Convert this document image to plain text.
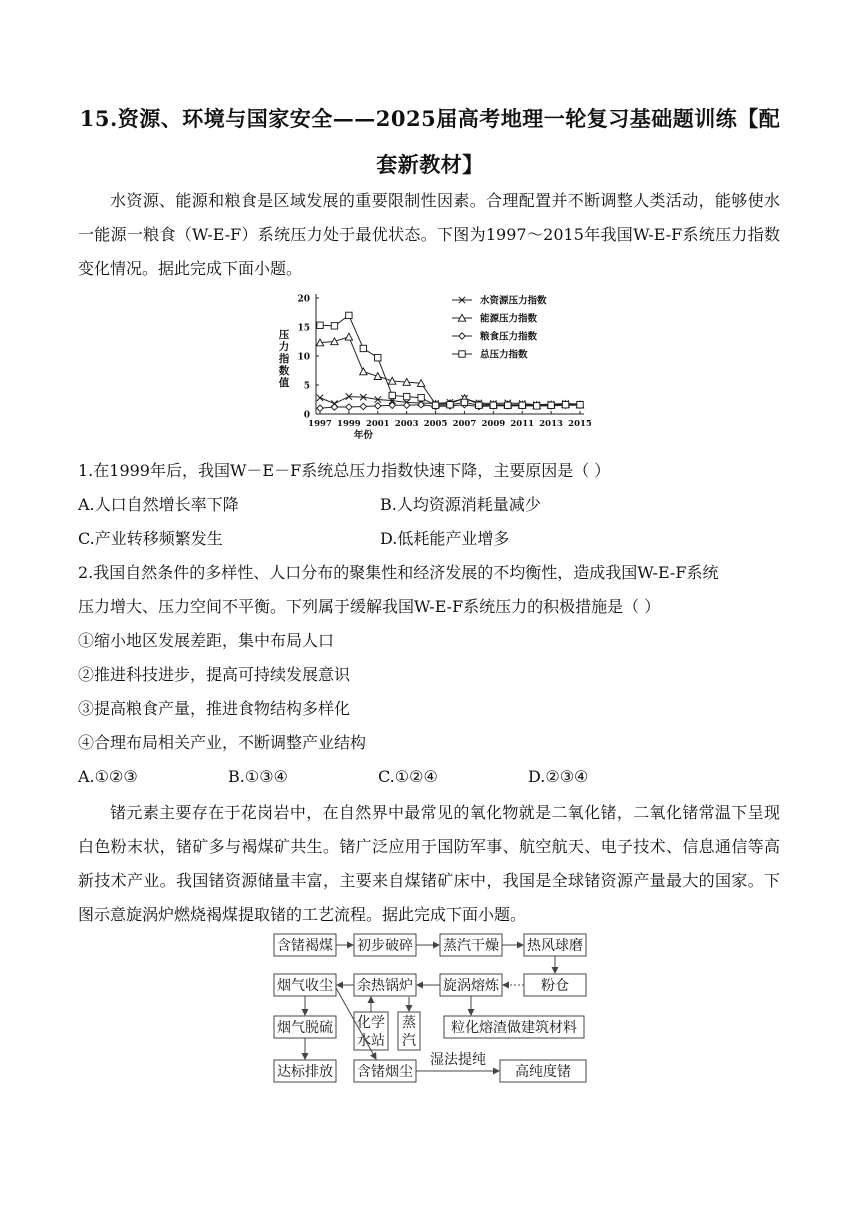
15.资源、环境与国家安全——2025届高考地理一轮复习基础题训练【配
套新教材】
水资源、能源和粮食是区域发展的重要限制性因素。合理配置并不断调整人类活动，能够使水一能源一粮食（W-E-F）系统压力处于最优状态。下图为1997～2015年我国W-E-F系统压力指数变化情况。据此完成下面小题。
0
5
10
15
20
1997 1999 2001 2003 2005 2007 2009 2011 2013 2015
压
力
指
数
值
年份
水资源压力指数
能源压力指数
粮食压力指数
总压力指数
1.在1999年后，我国W－E－F系统总压力指数快速下降，主要原因是（ ）
A.人口自然增长率下降	B.人均资源消耗量减少
C.产业转移频繁发生	D.低耗能产业增多
2.我国自然条件的多样性、人口分布的聚集性和经济发展的不均衡性，造成我国W-E-F系统
压力增大、压力空间不平衡。下列属于缓解我国W-E-F系统压力的积极措施是（ ）
①缩小地区发展差距，集中布局人口
②推进科技进步，提高可持续发展意识
③提高粮食产量，推进食物结构多样化
④合理布局相关产业，不断调整产业结构
A.①②③	B.①③④	C.①②④	D.②③④
锗元素主要存在于花岗岩中，在自然界中最常见的氧化物就是二氧化锗，二氧化锗常温下呈现白色粉末状，锗矿多与褐煤矿共生。锗广泛应用于国防军事、航空航天、电子技术、信息通信等高新技术产业。我国锗资源储量丰富，主要来自煤锗矿床中，我国是全球锗资源产量最大的国家。下图示意旋涡炉燃烧褐煤提取锗的工艺流程。据此完成下面小题。
含锗褐煤 初步破碎 蒸汽干燥 热风球磨
烟气收尘 余热锅炉 旋涡熔炼	粉仓
烟气脱硫 化学
水站
蒸
汽
粒化熔渣做建筑材料
达标排放 含锗烟尘	高纯度锗
湿法提纯
